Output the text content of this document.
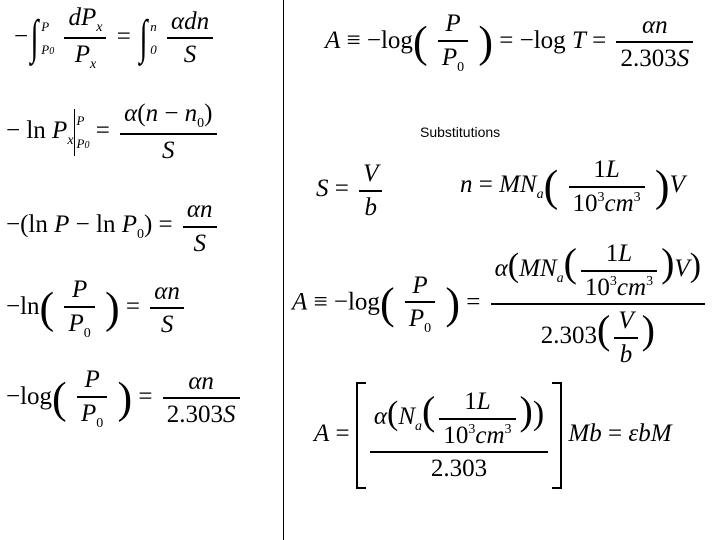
−∫ P
$P0 \frac{dP_x}{P_x}$ = ∫ n
$0 \frac{\text{αdn}}{S}$
− $\ln P_xP$
$P0 = \frac{\alpha(n - n_0)}{S}$
−(ln $P - \ln P_0) = \frac{\alpha n}{S}$
$-\ln( \frac{P}{P_0}$ ) = $\frac{\alpha n}{S}$
$-\log( \frac{P}{P_0}$ ) = $\frac{\alpha n}{2.303S}$
$A \equiv -\log( \frac{P}{P_0}$ ) = −log $T = \frac{\alpha n}{2.303S}$
Substitutions
$S = \frac{V}{b}$	$n = MN_a( \frac{1L}{10^3cm^3} )V$
$A \equiv -\log( \frac{P}{P_0}$ ) = $\frac{\alpha(MN_a( \frac{1L}{10^3cm^3} )V)}{2.303( \frac{V}{b} )}$
$A = \frac{\alpha(N_a( \frac{1L}{10^3cm^3} ))}{2.303}$ Mb = εbM
